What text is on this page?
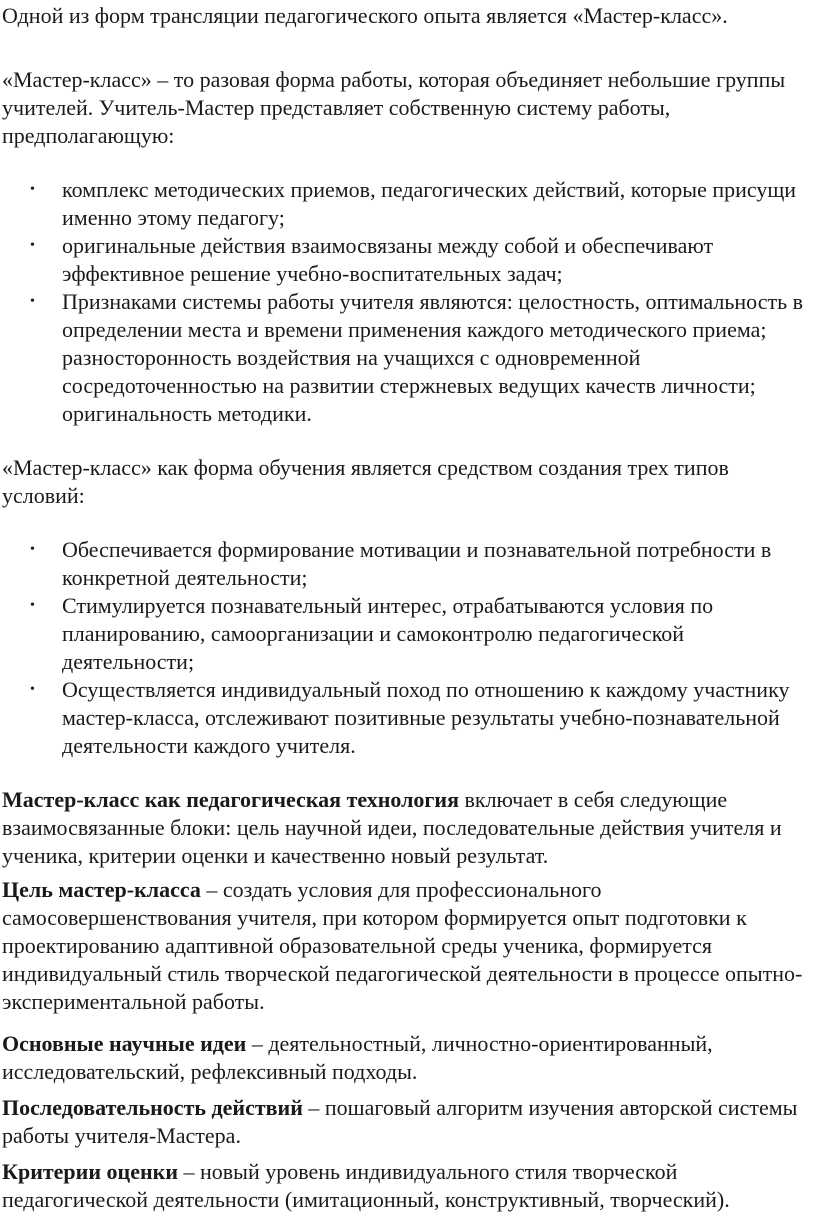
Одной из форм трансляции педагогического опыта является «Мастер-класс».

«Мастер-класс» – то разовая форма работы, которая объединяет небольшие группы учителей. Учитель-Мастер представляет собственную систему работы, предполагающую:

• комплекс методических приемов, педагогических действий, которые присущи именно этому педагогу;
• оригинальные действия взаимосвязаны между собой и обеспечивают эффективное решение учебно-воспитательных задач;
• Признаками системы работы учителя являются: целостность, оптимальность в определении места и времени применения каждого методического приема; разносторонность воздействия на учащихся с одновременной сосредоточенностью на развитии стержневых ведущих качеств личности; оригинальность методики.

«Мастер-класс» как форма обучения является средством создания трех типов условий:

• Обеспечивается формирование мотивации и познавательной потребности в конкретной деятельности;
• Стимулируется познавательный интерес, отрабатываются условия по планированию, самоорганизации и самоконтролю педагогической деятельности;
• Осуществляется индивидуальный поход по отношению к каждому участнику мастер-класса, отслеживают позитивные результаты учебно-познавательной деятельности каждого учителя.

Мастер-класс как педагогическая технология включает в себя следующие взаимосвязанные блоки: цель научной идеи, последовательные действия учителя и ученика, критерии оценки и качественно новый результат.

Цель мастер-класса – создать условия для профессионального самосовершенствования учителя, при котором формируется опыт подготовки к проектированию адаптивной образовательной среды ученика, формируется индивидуальный стиль творческой педагогической деятельности в процессе опытно-экспериментальной работы.

Основные научные идеи – деятельностный, личностно-ориентированный, исследовательский, рефлексивный подходы.

Последовательность действий – пошаговый алгоритм изучения авторской системы работы учителя-Мастера.

Критерии оценки – новый уровень индивидуального стиля творческой педагогической деятельности (имитационный, конструктивный, творческий).
